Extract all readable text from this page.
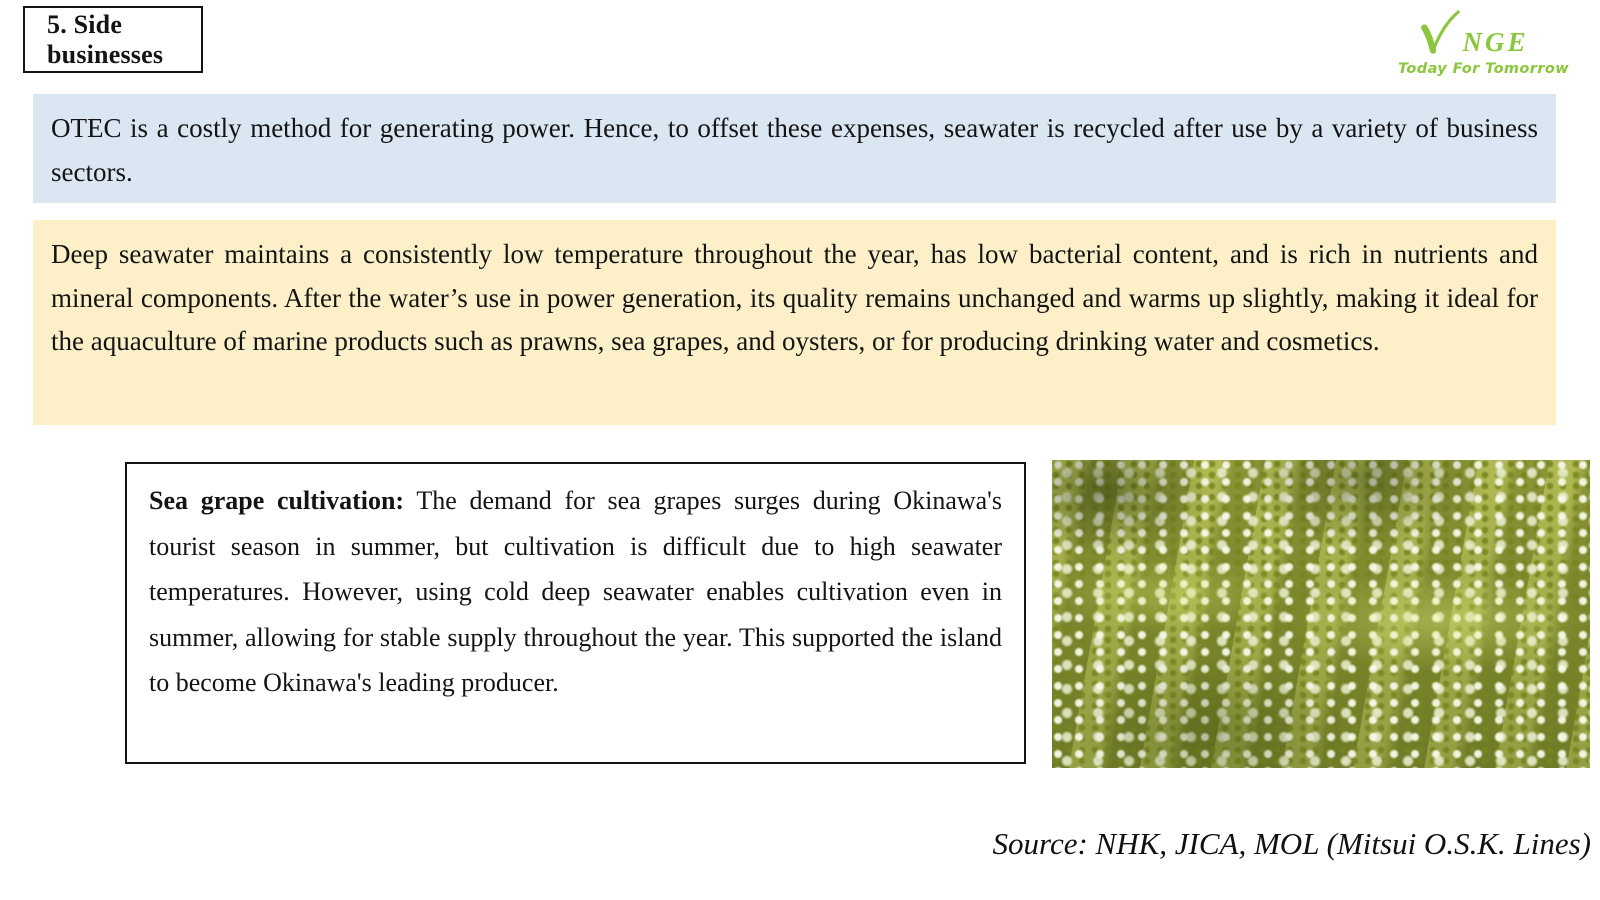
5. Side businesses	NGE
Today For Tomorrow
OTEC is a costly method for generating power. Hence, to offset these expenses, seawater is recycled after use by a variety of business sectors.
Deep seawater maintains a consistently low temperature throughout the year, has low bacterial content, and is rich in nutrients and mineral components. After the water’s use in power generation, its quality remains unchanged and warms up slightly, making it ideal for the aquaculture of marine products such as prawns, sea grapes, and oysters, or for producing drinking water and cosmetics.
Sea grape cultivation: The demand for sea grapes surges during Okinawa's tourist season in summer, but cultivation is difficult due to high seawater temperatures. However, using cold deep seawater enables cultivation even in summer, allowing for stable supply throughout the year. This supported the island to become Okinawa's leading producer.
Source: NHK, JICA, MOL (Mitsui O.S.K. Lines)
